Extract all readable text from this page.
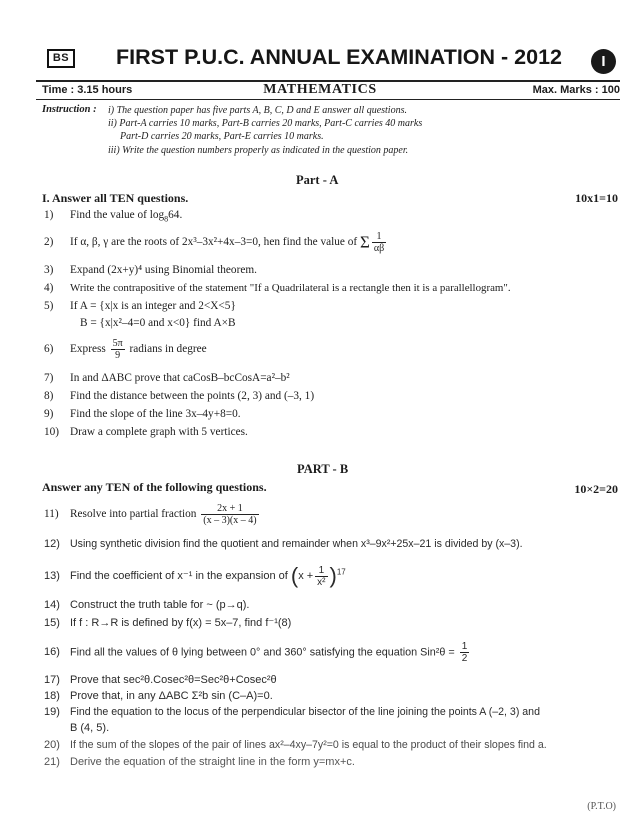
BS FIRST P.U.C. ANNUAL EXAMINATION - 2012	I
Time : 3.15 hours	MATHEMATICS	Max. Marks : 100
Instruction : i) The question paper has five parts A, B, C, D and E answer all questions.
ii) Part-A carries 10 marks, Part-B carries 20 marks, Part-C carries 40 marks
Part-D carries 20 marks, Part-E carries 10 marks.
iii) Write the question numbers properly as indicated in the question paper.
Part - A
I. Answer all TEN questions.	10x1=10
1) Find the value of $\log_864$.
2) If α, β, γ are the roots of 2x³–3x²+4x–3=0, hen find the value of Σ $\frac{1}{\alpha\beta}$
3) Expand (2x+y)⁴ using Binomial theorem.
4) Write the contrapositive of the statement "If a Quadrilateral is a rectangle then it is a parallellogram".
5) If A = {x|x is an integer and 2<X<5}
B = {x|x²–4=0 and x<0} find A×B
6) Express $\frac{5\pi}{9}$ radians in degree
7) In and ΔABC prove that caCosB–bcCosA=a²–b²
8) Find the distance between the points (2, 3) and (–3, 1)
9) Find the slope of the line 3x–4y+8=0.
10) Draw a complete graph with 5 vertices.
PART - B
Answer any TEN of the following questions.	10×2=20
11) Resolve into partial fraction $\frac{2x + 1}{(x - 3)(x - 4)}$
12) Using synthetic division find the quotient and remainder when x³–9x²+25x–21 is divided by (x–3).
13) Find the coefficient of x⁻¹ in the expansion of $(x + \frac{1}{\text{x²}} )^{17}$
14) Construct the truth table for ~ (p→q).
15) If f : R→R is defined by f(x) = 5x–7, find f⁻¹(8)
16) Find all the values of θ lying between 0° and 360° satisfying the equation $Sin^2\theta = \frac{1}{2}$
17) Prove that sec²θ.Cosec²θ=Sec²θ+Cosec²θ
18) Prove that, in any ΔABC Σ²b sin (C–A)=0.
19) Find the equation to the locus of the perpendicular bisector of the line joining the points A (–2, 3) and
B (4, 5).
20) If the sum of the slopes of the pair of lines ax²–4xy–7y²=0 is equal to the product of their slopes find a.
21) Derive the equation of the straight line in the form y=mx+c.
(P.T.O)
